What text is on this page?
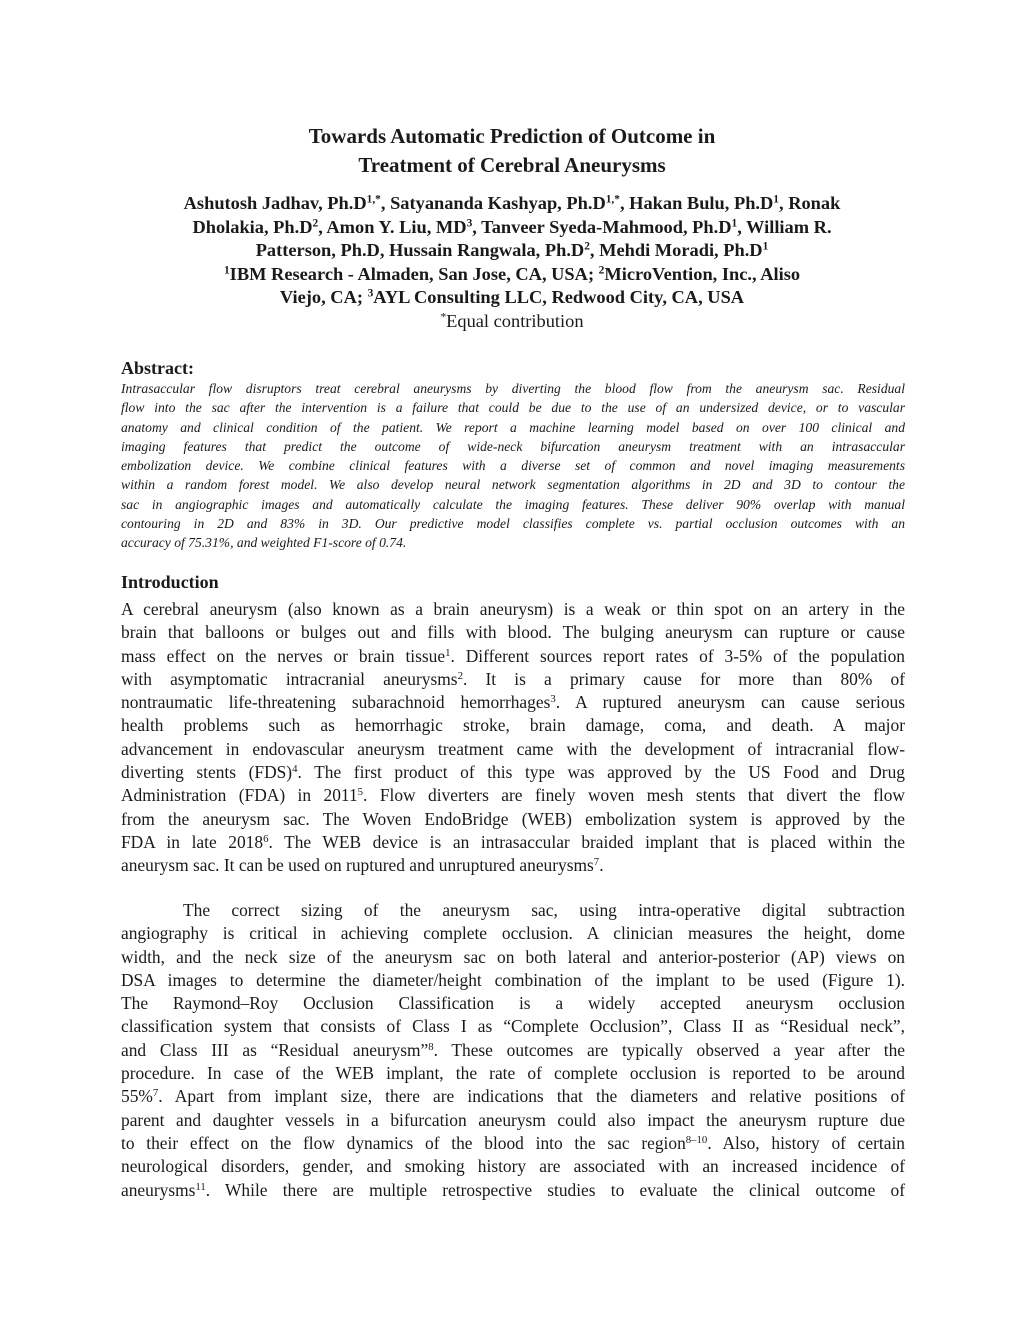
Towards Automatic Prediction of Outcome in
Treatment of Cerebral Aneurysms
Ashutosh Jadhav, $Ph.D^{1,*}$, Satyananda Kashyap, $Ph.D^{1,*}$, Hakan Bulu, $Ph.D^1$, Ronak
Dholakia, $Ph.D^2$, Amon Y. Liu, $MD^3$, Tanveer Syeda-Mahmood, $Ph.D^1$, William R.
Patterson, Ph.D, Hussain Rangwala, $Ph.D^2$, Mehdi Moradi, $Ph.D^1$
$^1$IBM Research - Almaden, San Jose, CA, USA; $^2$MicroVention, Inc., Aliso
Viejo, CA; $^3$AYL Consulting LLC, Redwood City, CA, USA
*Equal contribution
Abstract:
Intrasaccular flow disruptors treat cerebral aneurysms by diverting the blood flow from the aneurysm sac. Residual
flow into the sac after the intervention is a failure that could be due to the use of an undersized device, or to vascular
anatomy and clinical condition of the patient. We report a machine learning model based on over 100 clinical and
imaging features that predict the outcome of wide-neck bifurcation aneurysm treatment with an intrasaccular
embolization device. We combine clinical features with a diverse set of common and novel imaging measurements
within a random forest model. We also develop neural network segmentation algorithms in 2D and 3D to contour the
sac in angiographic images and automatically calculate the imaging features. These deliver 90% overlap with manual
contouring in 2D and 83% in 3D. Our predictive model classifies complete vs. partial occlusion outcomes with an
accuracy of 75.31%, and weighted F1-score of 0.74.
Introduction
A cerebral aneurysm (also known as a brain aneurysm) is a weak or thin spot on an artery in the
brain that balloons or bulges out and fills with blood. The bulging aneurysm can rupture or cause
mass effect on the nerves or brain tissue$^1$. Different sources report rates of 3-5% of the population
with asymptomatic intracranial aneurysms$^2$. It is a primary cause for more than 80% of
nontraumatic life-threatening subarachnoid hemorrhages$^3$. A ruptured aneurysm can cause serious
health problems such as hemorrhagic stroke, brain damage, coma, and death. A major
advancement in endovascular aneurysm treatment came with the development of intracranial flow-
diverting stents (FDS)$^4$. The first product of this type was approved by the US Food and Drug
Administration (FDA) in 2011$^5$. Flow diverters are finely woven mesh stents that divert the flow
from the aneurysm sac. The Woven EndoBridge (WEB) embolization system is approved by the
FDA in late 2018$^6$. The WEB device is an intrasaccular braided implant that is placed within the
aneurysm sac. It can be used on ruptured and unruptured aneurysms$^7$.
The correct sizing of the aneurysm sac, using intra-operative digital subtraction
angiography is critical in achieving complete occlusion. A clinician measures the height, dome
width, and the neck size of the aneurysm sac on both lateral and anterior-posterior (AP) views on
DSA images to determine the diameter/height combination of the implant to be used (Figure 1).
The Raymond–Roy Occlusion Classification is a widely accepted aneurysm occlusion
classification system that consists of Class I as “Complete Occlusion”, Class II as “Residual neck”,
and Class III as “Residual aneurysm”$^8$. These outcomes are typically observed a year after the
procedure. In case of the WEB implant, the rate of complete occlusion is reported to be around
55%$^7$. Apart from implant size, there are indications that the diameters and relative positions of
parent and daughter vessels in a bifurcation aneurysm could also impact the aneurysm rupture due
to their effect on the flow dynamics of the blood into the sac region$^{8-10}$. Also, history of certain
neurological disorders, gender, and smoking history are associated with an increased incidence of
aneurysms$^{11}$. While there are multiple retrospective studies to evaluate the clinical outcome of
